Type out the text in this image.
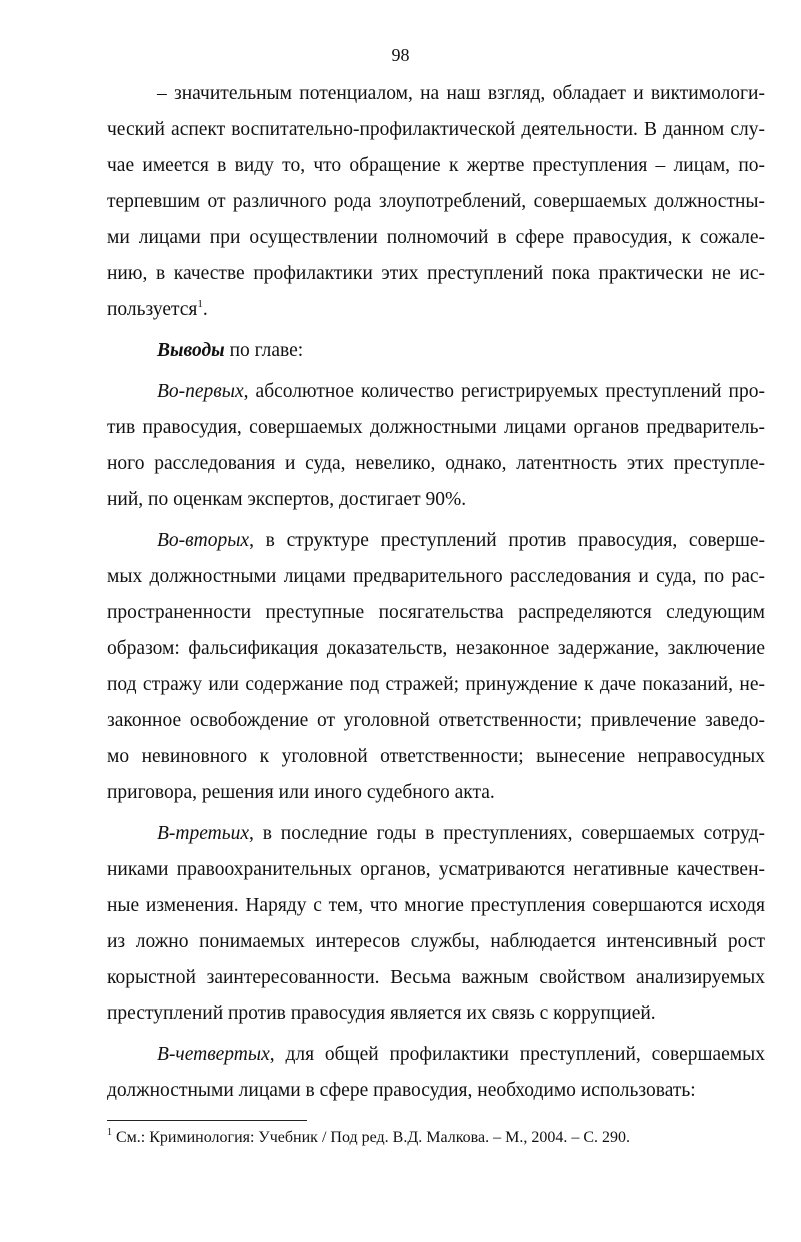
98
– значительным потенциалом, на наш взгляд, обладает и виктимологи-
ческий аспект воспитательно-профилактической деятельности. В данном слу-
чае имеется в виду то, что обращение к жертве преступления – лицам, по-
терпевшим от различного рода злоупотреблений, совершаемых должностны-
ми лицами при осуществлении полномочий в сфере правосудия, к сожале-
нию, в качестве профилактики этих преступлений пока практически не ис-
пользуется$^1$.
Выводы по главе:
Во-первых, абсолютное количество регистрируемых преступлений про-
тив правосудия, совершаемых должностными лицами органов предваритель-
ного расследования и суда, невелико, однако, латентность этих преступле-
ний, по оценкам экспертов, достигает 90%.
Во-вторых, в структуре преступлений против правосудия, соверше-
мых должностными лицами предварительного расследования и суда, по рас-
пространенности преступные посягательства распределяются следующим
образом: фальсификация доказательств, незаконное задержание, заключение
под стражу или содержание под стражей; принуждение к даче показаний, не-
законное освобождение от уголовной ответственности; привлечение заведо-
мо невиновного к уголовной ответственности; вынесение неправосудных
приговора, решения или иного судебного акта.
В-третьих, в последние годы в преступлениях, совершаемых сотруд-
никами правоохранительных органов, усматриваются негативные качествен-
ные изменения. Наряду с тем, что многие преступления совершаются исходя
из ложно понимаемых интересов службы, наблюдается интенсивный рост
корыстной заинтересованности. Весьма важным свойством анализируемых
преступлений против правосудия является их связь с коррупцией.
В-четвертых, для общей профилактики преступлений, совершаемых
должностными лицами в сфере правосудия, необходимо использовать:
$^1$ См.: Криминология: Учебник / Под ред. В.Д. Малкова. – М., 2004. – С. 290.
